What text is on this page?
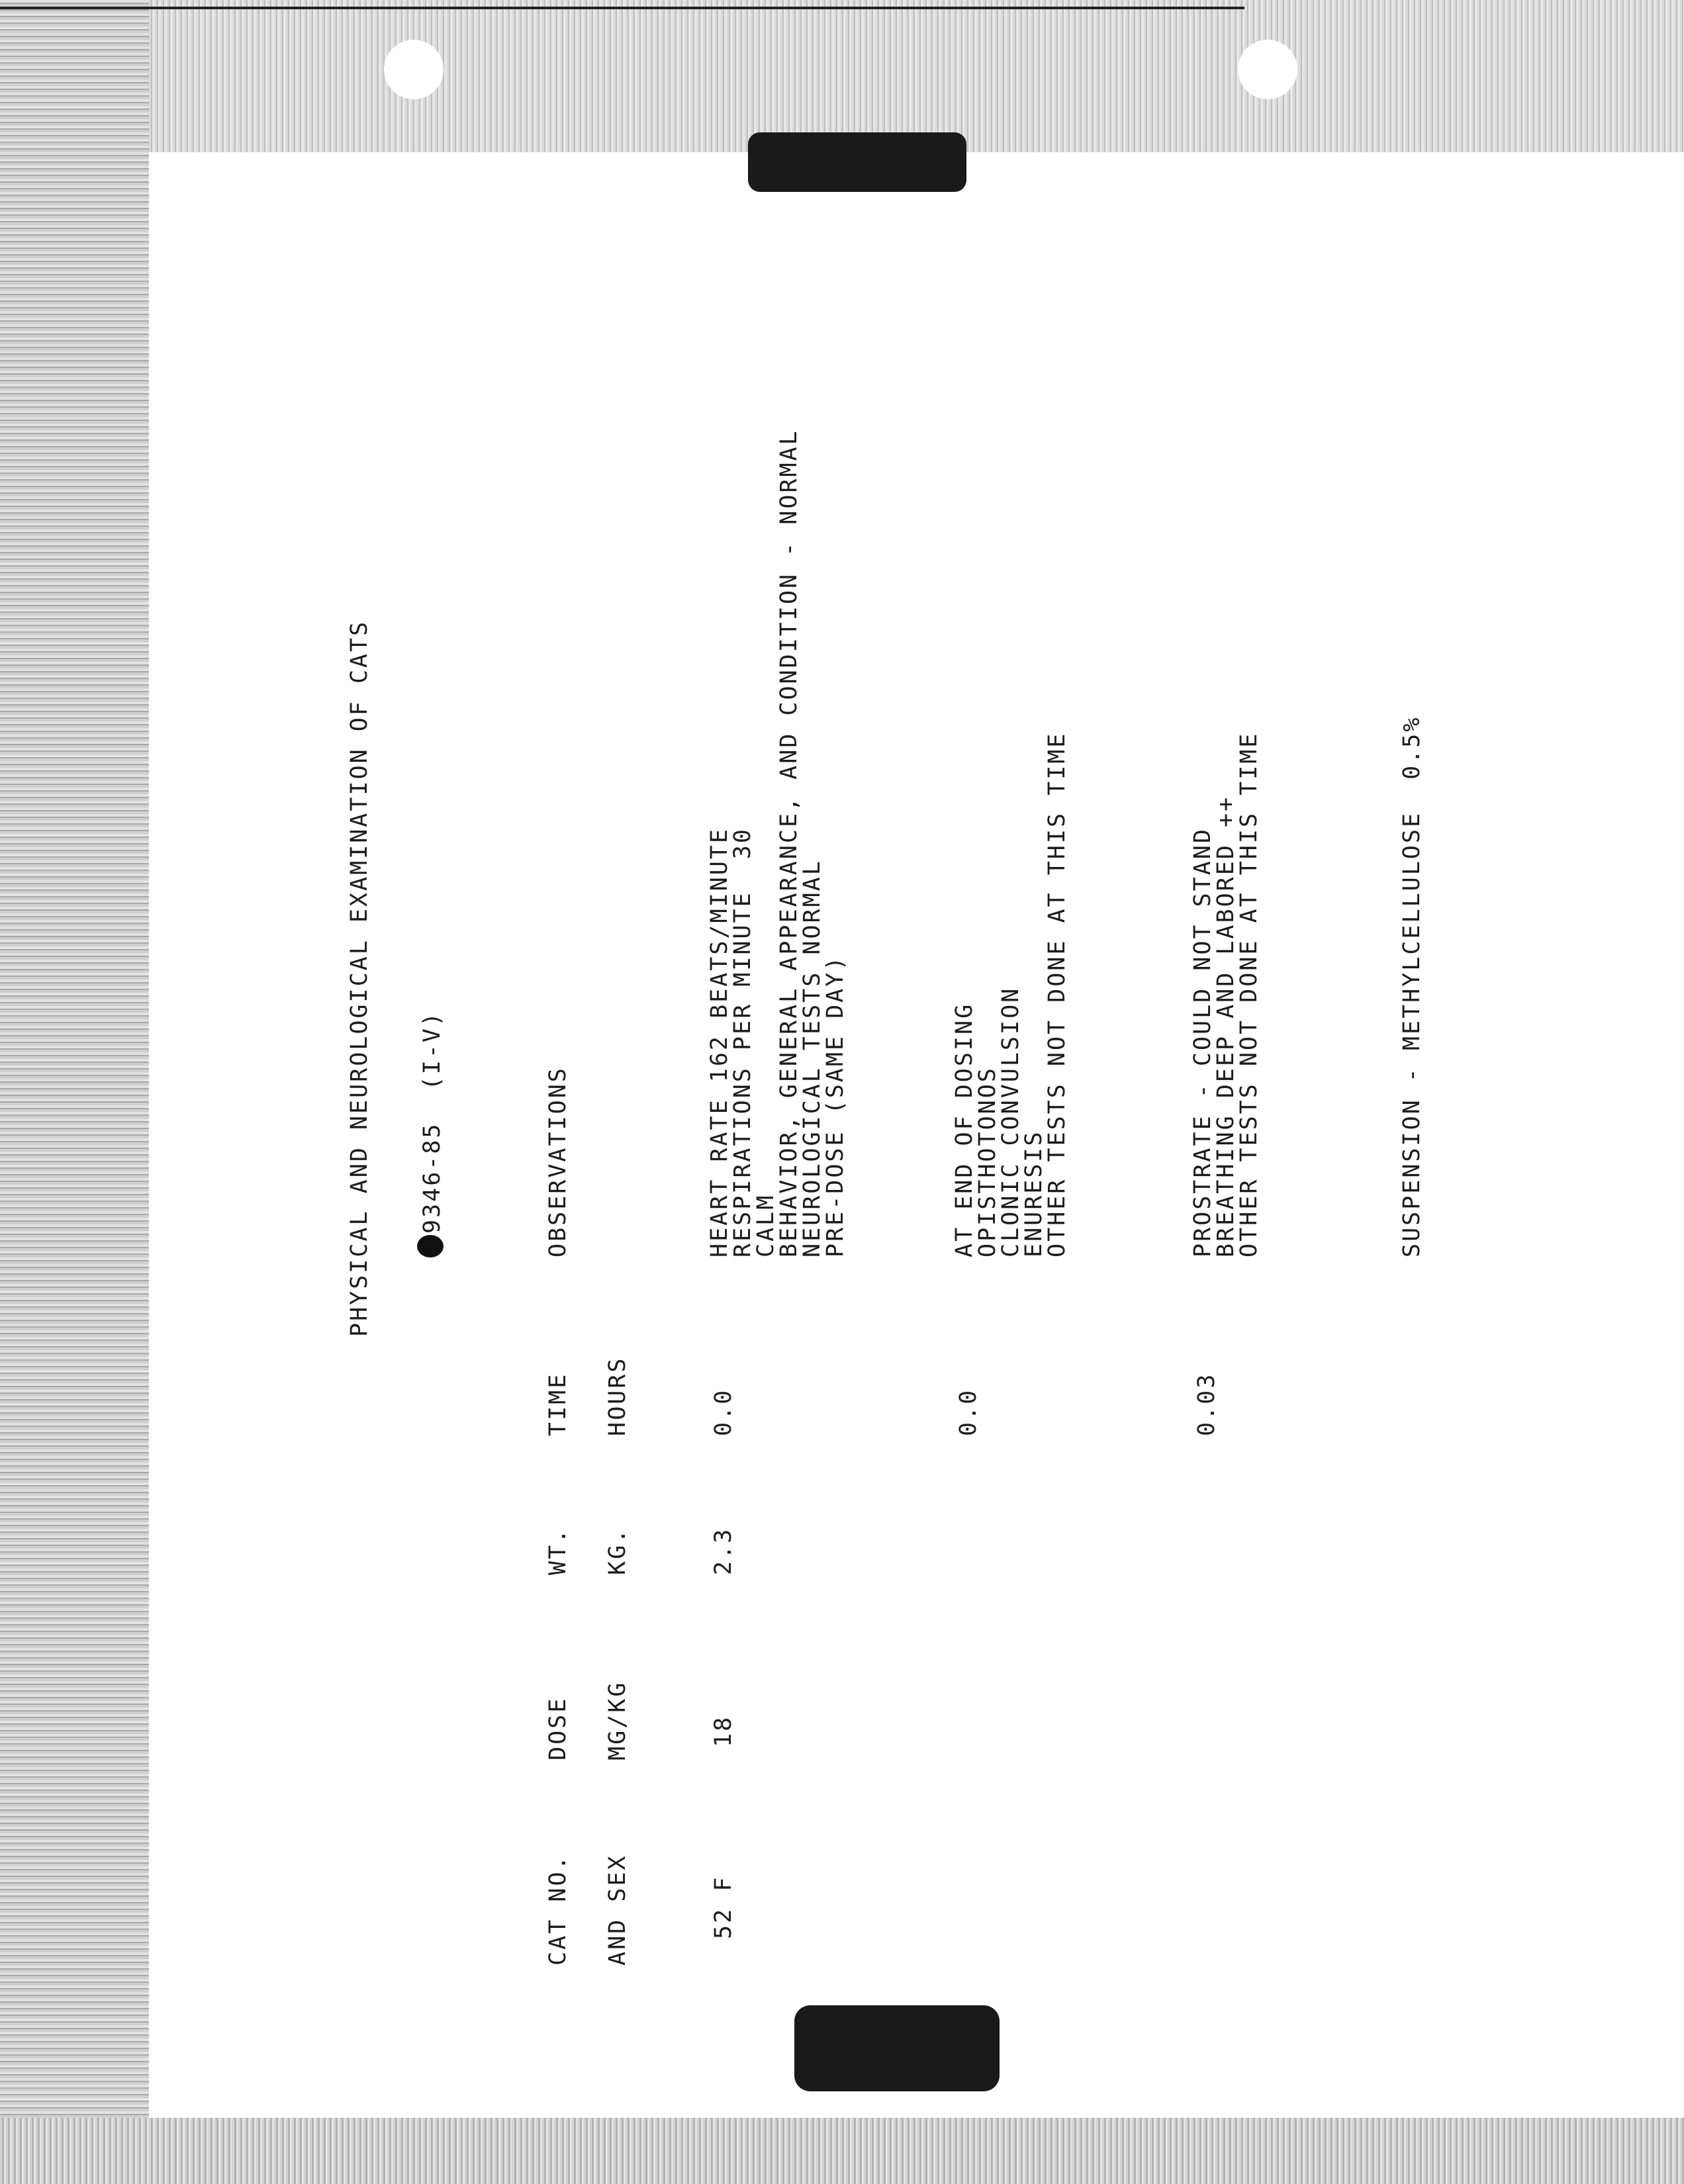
PHYSICAL AND NEUROLOGICAL EXAMINATION OF CATS 9346-85  (I-V)
CAT NO. AND SEX
DOSE MG/KG
WT. KG.
TIME HOURS
OBSERVATIONS
52 F
18
2.3
0.0
HEART RATE 162 BEATS/MINUTE
RESPIRATIONS PER MINUTE  30
CALM
BEHAVIOR, GENERAL APPEARANCE, AND CONDITION - NORMAL
NEUROLOGICAL TESTS NORMAL
PRE-DOSE (SAME DAY)
0.0
AT END OF DOSING
OPISTHOTONOS
CLONIC CONVULSION
ENURESIS
OTHER TESTS NOT DONE AT THIS TIME
0.03
PROSTRATE - COULD NOT STAND
BREATHING DEEP AND LABORED ++
OTHER TESTS NOT DONE AT THIS TIME	SUSPENSION - METHYLCELLULOSE  0.5%
